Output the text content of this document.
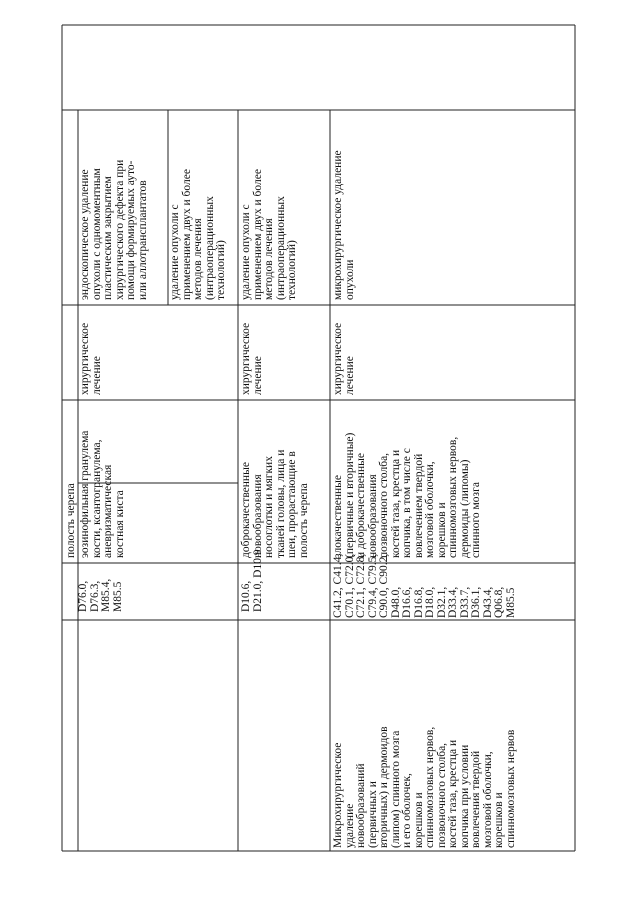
D76.0, D76.3, M85.4, M85.5
полость черепа эозинофильная гранулема кости, ксантогранулема, аневризматическая костная киста
хирургическое лечение
эндоскопическое удаление опухоли с одномоментным пластическим закрытием хирургического дефекта при помощи формируемых ауто- или аллотрансплантатов удаление опухоли с применением двух и более методов лечения (интраоперационных технологий)
D10.6, D21.0, D10.9
доброкачественные новообразования носоглотки и мягких тканей головы, лица и шеи, прорастающие в полость черепа
хирургическое лечение
удаление опухоли с применением двух и более методов лечения (интраоперационных технологий)
Микрохирургическое удаление новообразований (первичных и вторичных) и дермоидов (липом) спинного мозга и его оболочек, корешков и спинномозговых нервов, позвоночного столба, костей таза, крестца и копчика при условии вовлечения твердой мозговой оболочки, корешков и спинномозговых нервов
C41.2, C41.4, C70.1, C72.0, C72.1, C72.8, C79.4, C79.5, C90.0, C90.2, D48.0, D16.6, D16.8, D18.0, D32.1, D33.4, D33.7, D36.1, D43.4, Q06.8, M85.5
злокачественные (первичные и вторичные) и доброкачественные новообразования позвоночного столба, костей таза, крестца и копчика, в том числе с вовлечением твердой мозговой оболочки, корешков и спинномозговых нервов, дермоиды (липомы) спинного мозга
хирургическое лечение
микрохирургическое удаление опухоли
